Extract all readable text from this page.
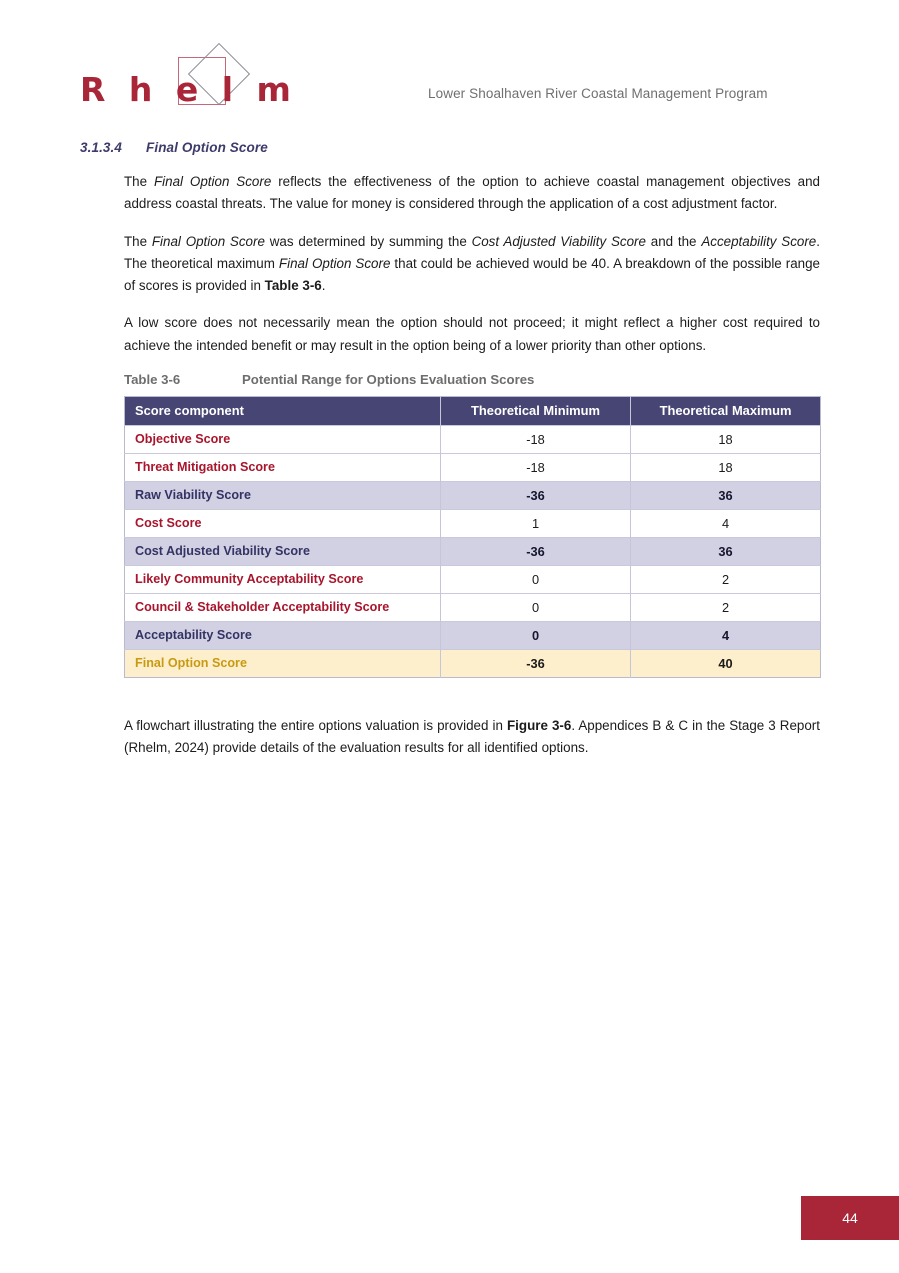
R h e l m	Lower Shoalhaven River Coastal Management Program
3.1.3.4 Final Option Score

The Final Option Score reflects the effectiveness of the option to achieve coastal management objectives and address coastal threats. The value for money is considered through the application of a cost adjustment factor.

The Final Option Score was determined by summing the Cost Adjusted Viability Score and the Acceptability Score. The theoretical maximum Final Option Score that could be achieved would be 40. A breakdown of the possible range of scores is provided in Table 3-6.

A low score does not necessarily mean the option should not proceed; it might reflect a higher cost required to achieve the intended benefit or may result in the option being of a lower priority than other options.

Table 3-6	Potential Range for Options Evaluation Scores
Score component	Theoretical Minimum	Theoretical Maximum
Objective Score	-18	18
Threat Mitigation Score	-18	18
Raw Viability Score	-36	36
Cost Score	1	4
Cost Adjusted Viability Score	-36	36
Likely Community Acceptability Score	0	2
Council & Stakeholder Acceptability Score	0	2
Acceptability Score	0	4
Final Option Score	-36	40

A flowchart illustrating the entire options valuation is provided in Figure 3-6. Appendices B & C in the Stage 3 Report (Rhelm, 2024) provide details of the evaluation results for all identified options.

44
